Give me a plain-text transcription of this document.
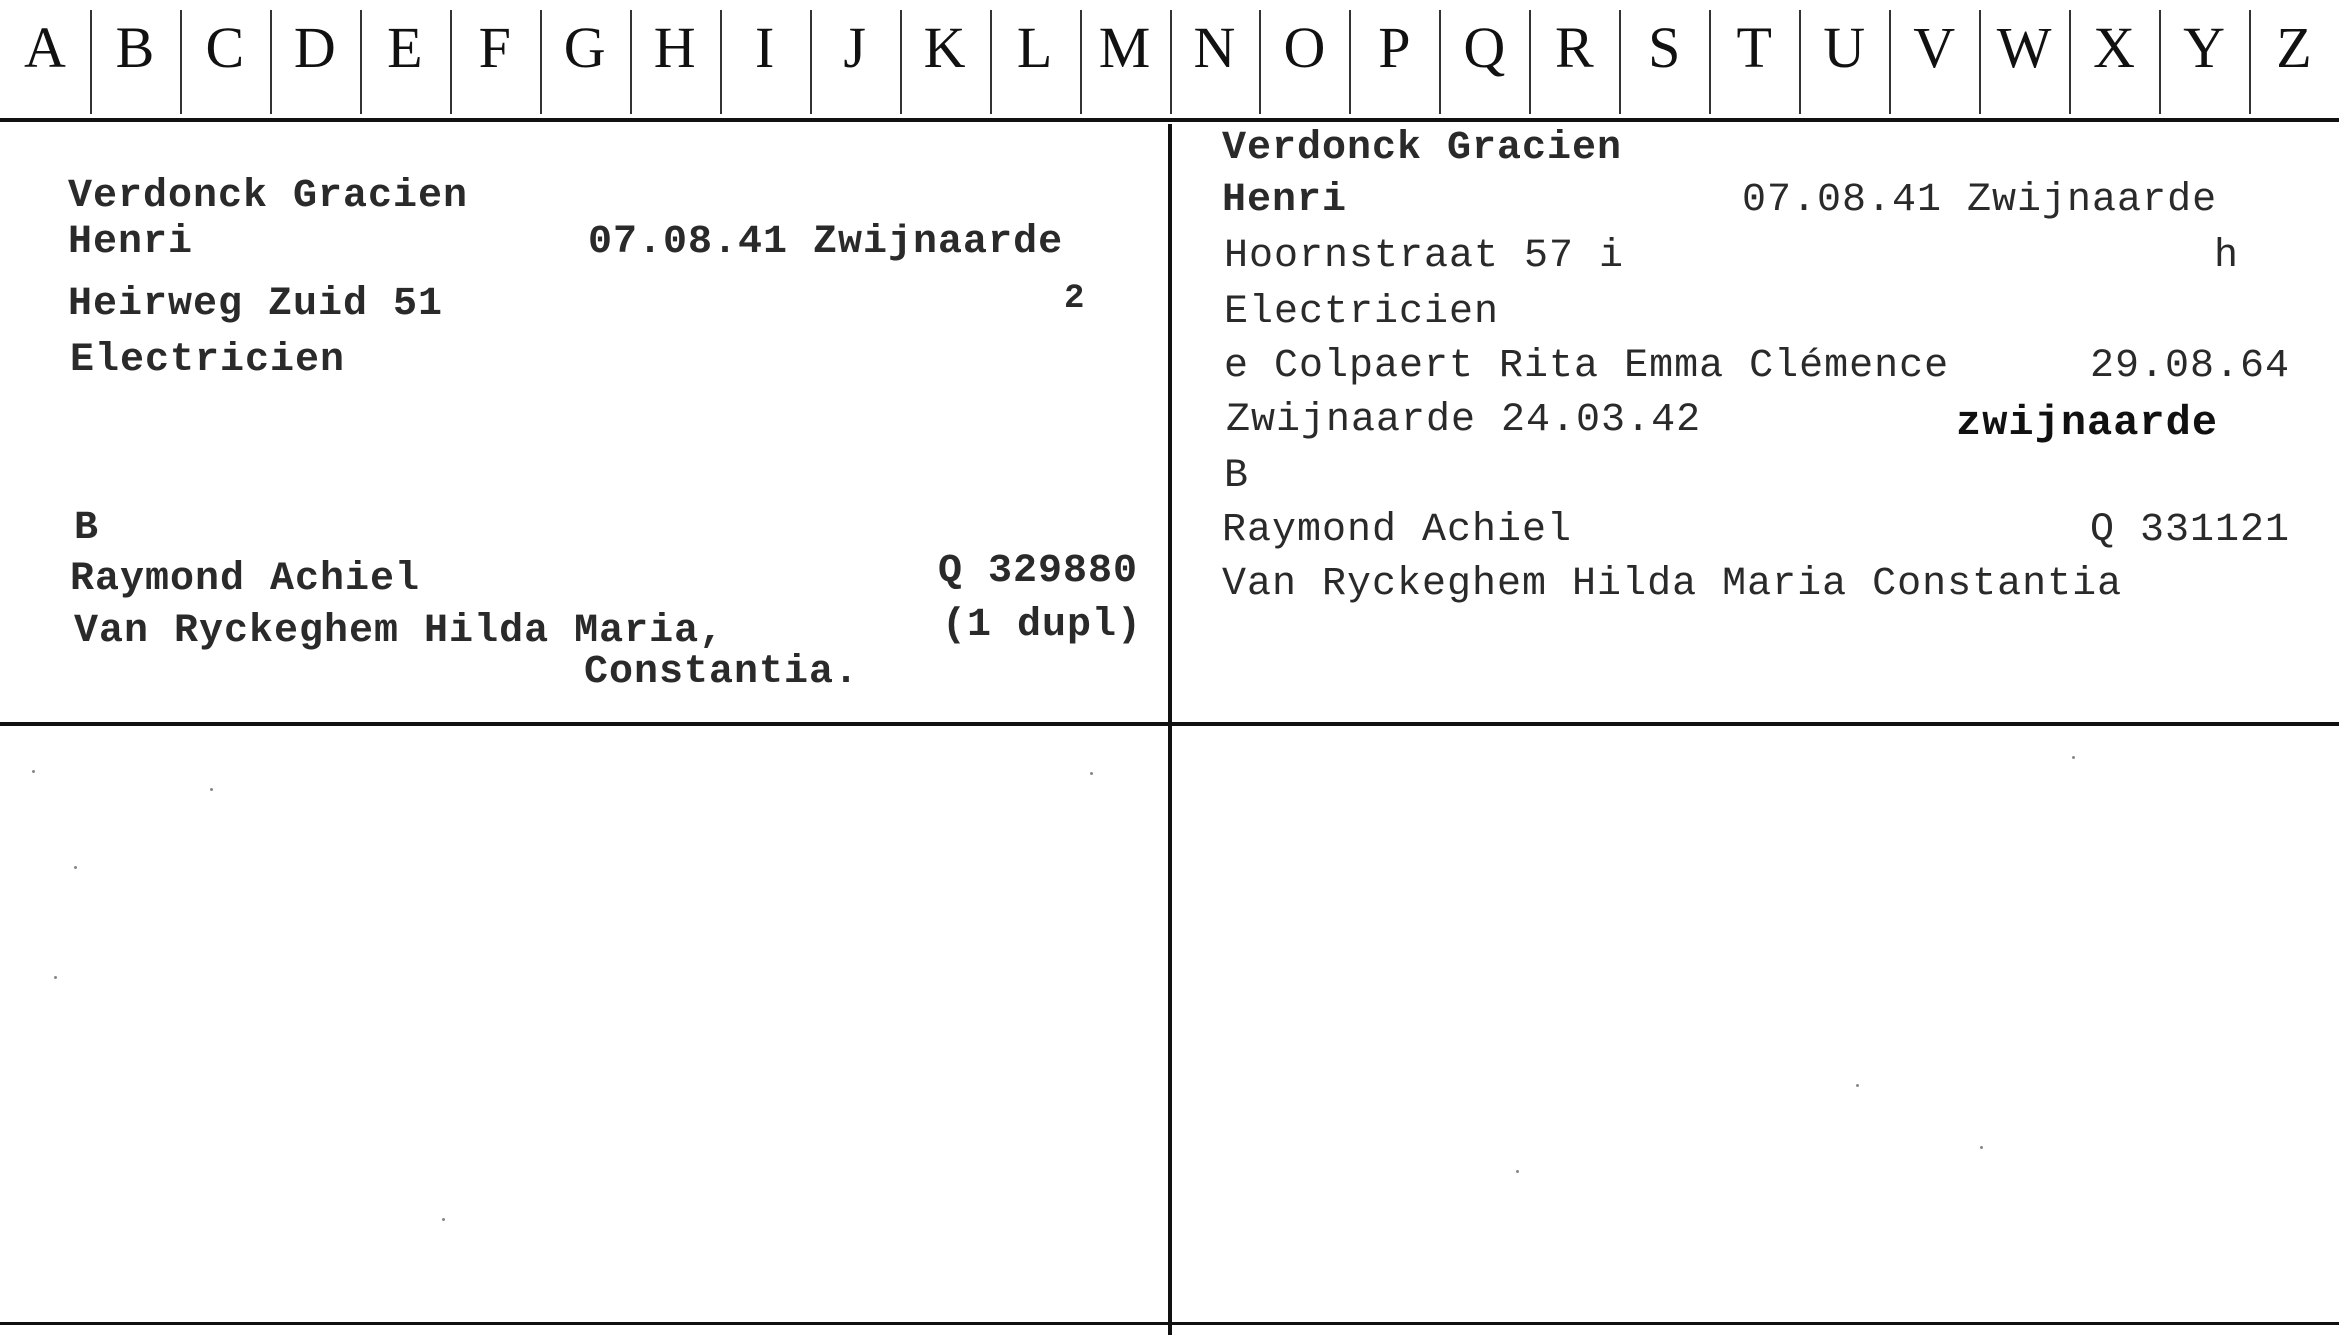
A B C D E F G H	I	J K L M N O P Q R S T U V W X Y Z
Verdonck Gracien
Henri	07.08.41 Zwijnaarde
Heirweg Zuid 51	2
Electricien
B
Raymond Achiel	Q 329880
Van Ryckeghem Hilda Maria,	(1 dupl)
Constantia.
Verdonck Gracien
Henri	07.08.41 Zwijnaarde
Hoornstraat 57 i	h
Electricien
e Colpaert Rita Emma Clémence	29.08.64
Zwijnaarde 24.03.42	zwijnaarde
B
Raymond Achiel	Q 331121
Van Ryckeghem Hilda Maria Constantia
